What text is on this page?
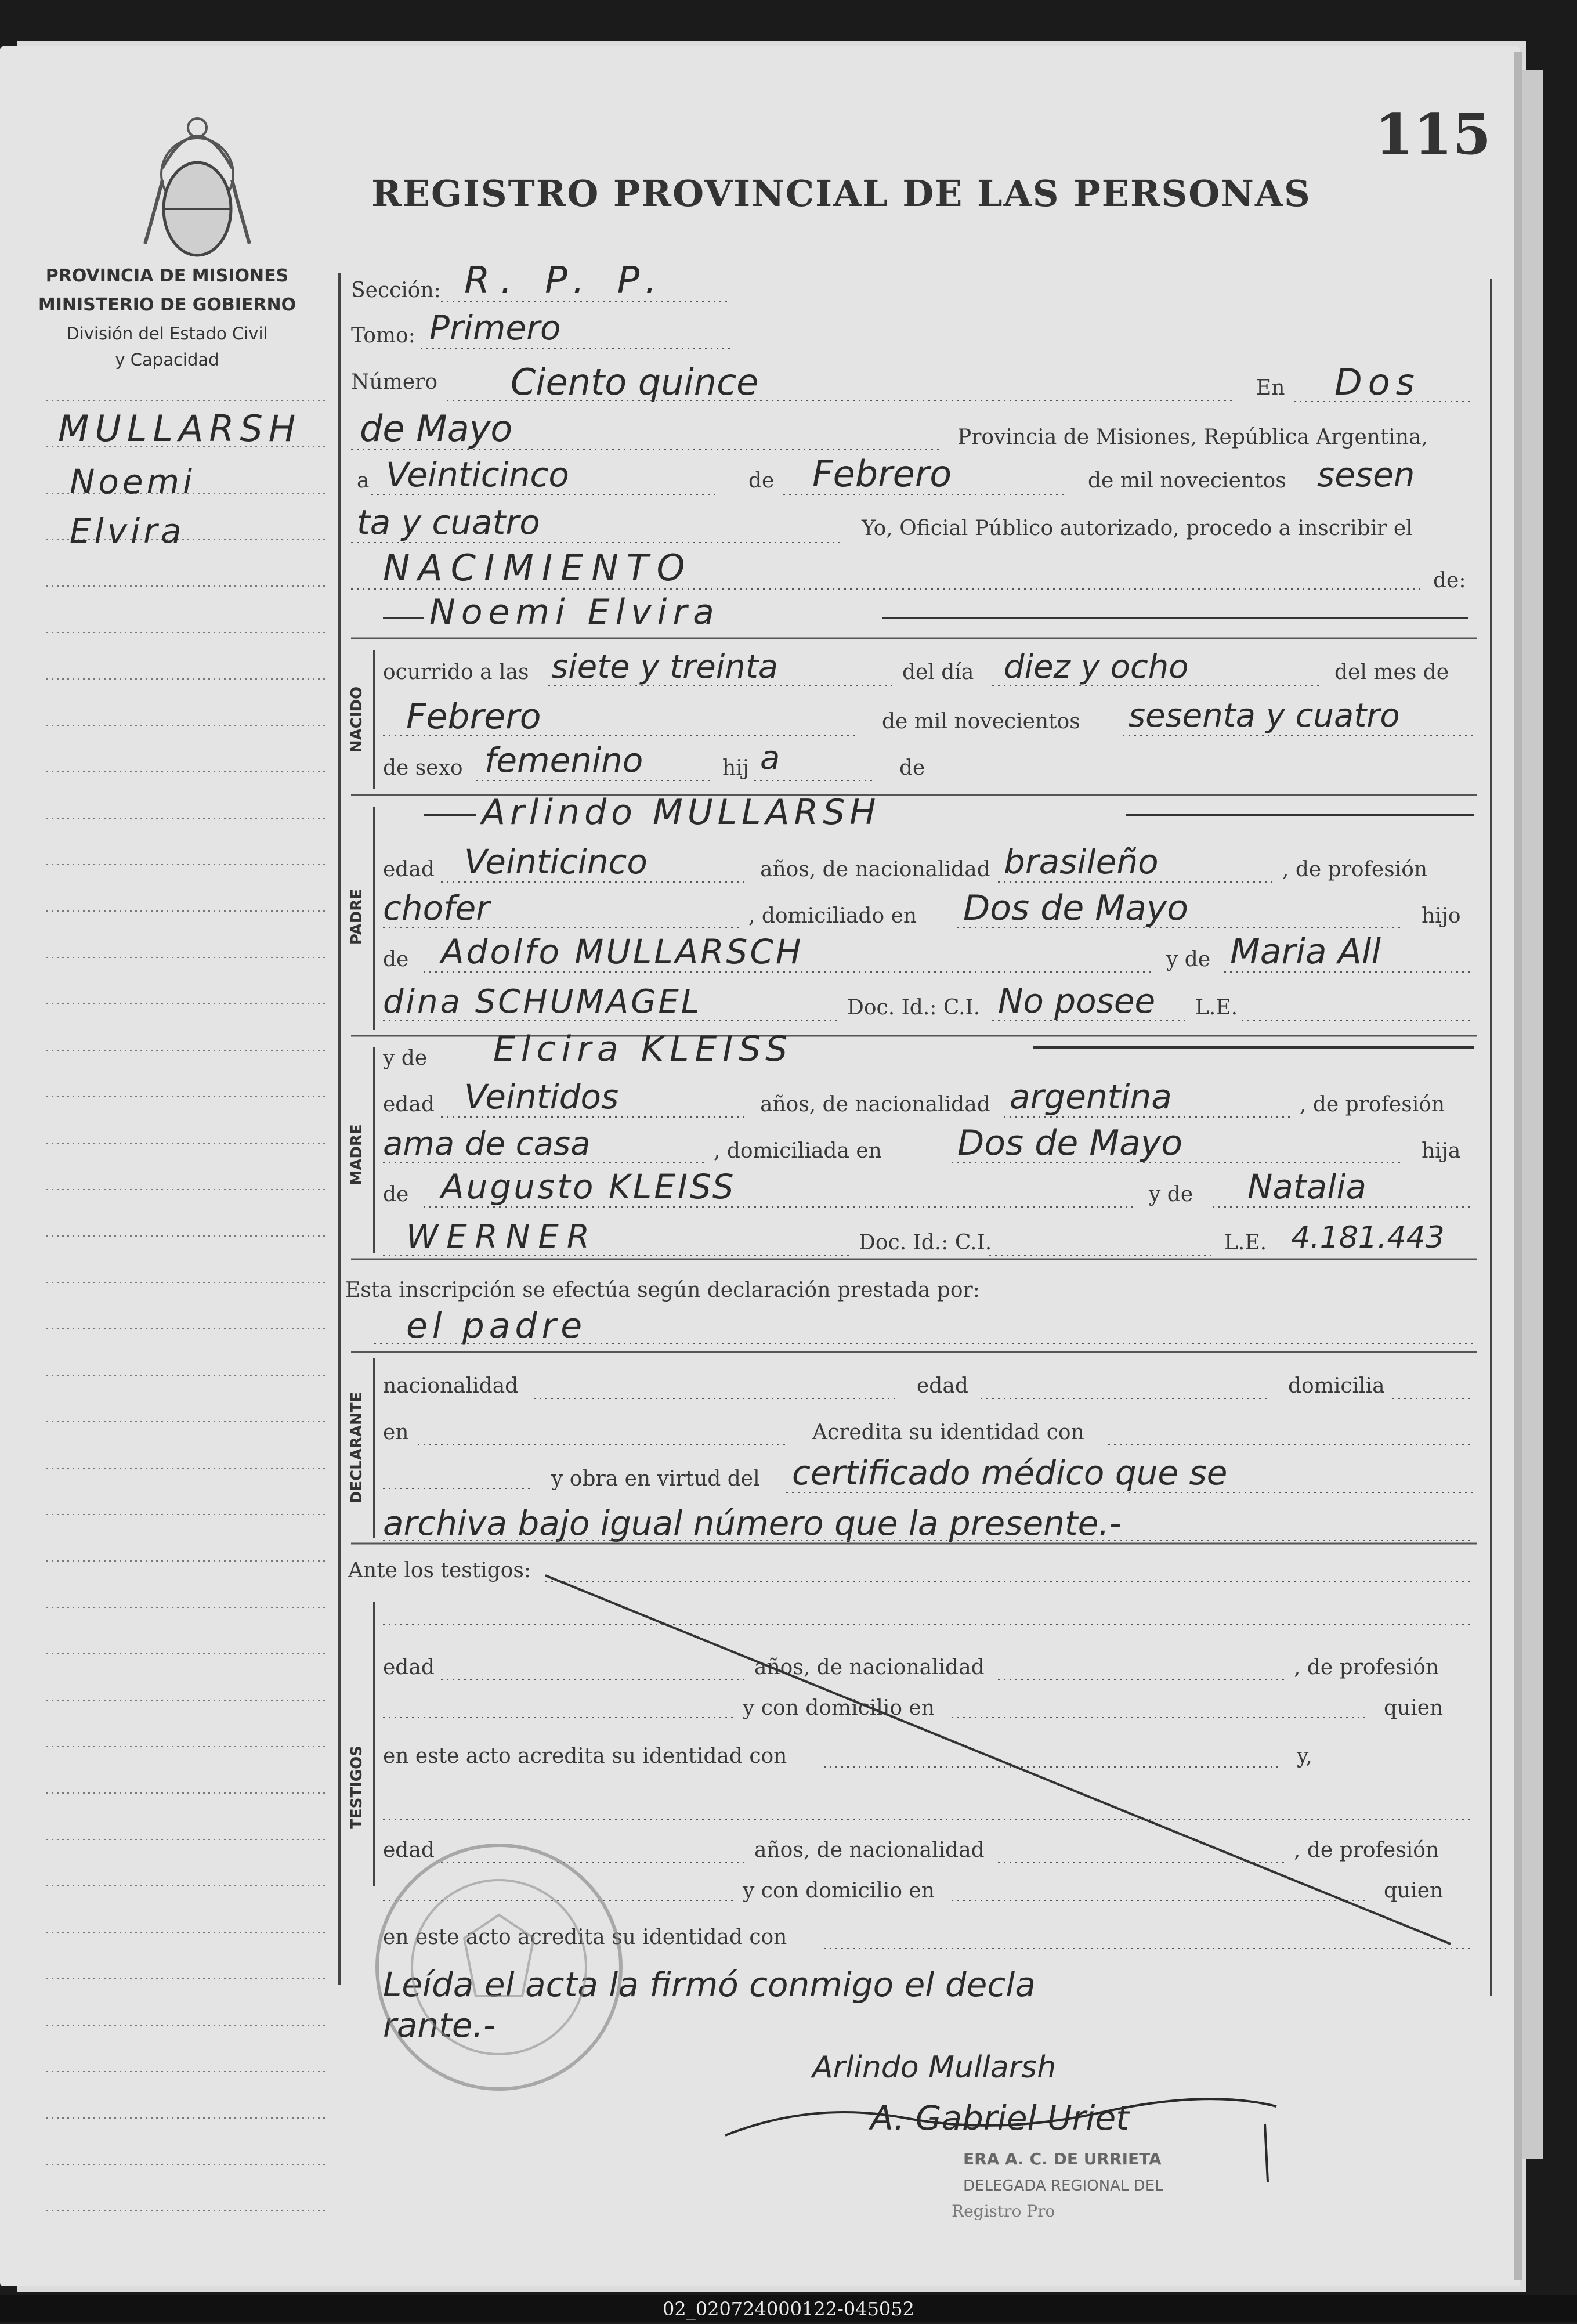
115
REGISTRO PROVINCIAL DE LAS PERSONAS
PROVINCIA DE MISIONES
MINISTERIO DE GOBIERNO
División del Estado Civil
y Capacidad
MULLARSH
Noemi
Elvira
NACIDO
PADRE
MADRE
DECLARANTE
TESTIGOS
Sección: R. P. P.
Tomo: Primero
Número Ciento quince	En Dos
de Mayo	Provincia de Misiones, República Argentina,
a Veinticinco	de Febrero	de mil novecientos sesen
ta y cuatro	Yo, Oficial Público autorizado, procedo a inscribir el
NACIMIENTO	de:
Noemi Elvira
ocurrido a las siete y treinta	del día diez y ocho	del mes de
Febrero	de mil novecientos sesenta y cuatro
de sexo femenino	hij a	de
Arlindo MULLARSH
edad Veinticinco	años, de nacionalidad brasileño	, de profesión
chofer	, domiciliado en Dos de Mayo	hijo
de Adolfo MULLARSCH	y de Maria All
dina SCHUMAGEL	Doc. Id.: C.I. No posee L.E.
y de Elcira KLEISS
edad Veintidos	años, de nacionalidad argentina	, de profesión
ama de casa	, domiciliada en Dos de Mayo	hija
de Augusto KLEISS	y de Natalia
WERNER	Doc. Id.: C.I.	L.E. 4.181.443
Esta inscripción se efectúa según declaración prestada por:
el padre
nacionalidad	edad	domicilia
en	Acredita su identidad con
y obra en virtud del certificado médico que se
archiva bajo igual número que la presente.-
Ante los testigos:
edad	años, de nacionalidad	, de profesión
y con domicilio en	quien
en este acto acredita su identidad con	y,
edad	años, de nacionalidad	, de profesión
y con domicilio en	quien
en este acto acredita su identidad con
Leída el acta la firmó conmigo el decla
rante.-
Arlindo Mullarsh
A. Gabriel Uriet
ERA A. C. DE URRIETA
DELEGADA REGIONAL DEL
Registro Pro
02_020724000122-045052
